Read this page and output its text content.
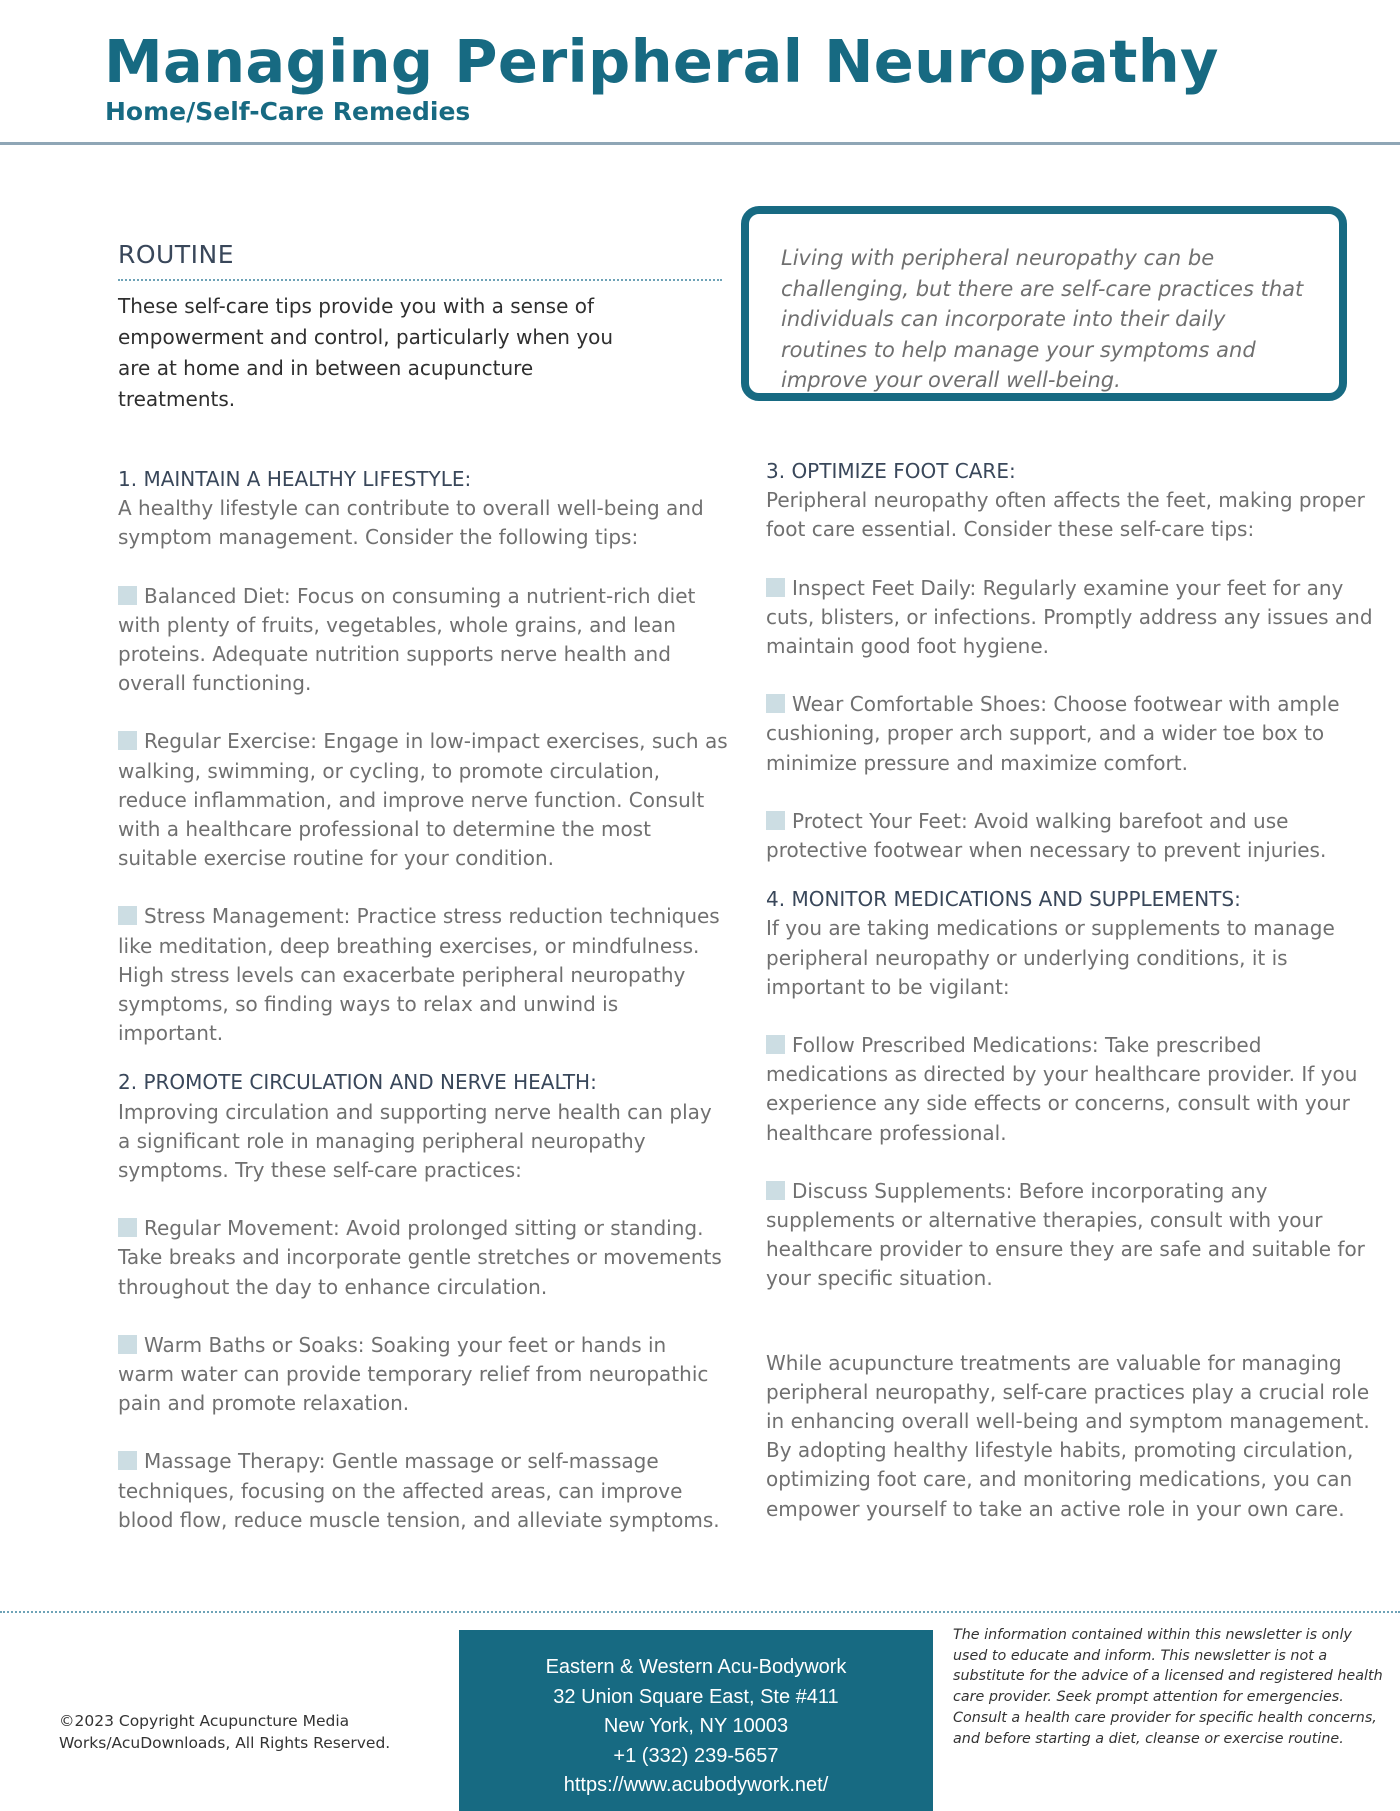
Managing Peripheral Neuropathy
Home/Self-Care Remedies
ROUTINE

These self-care tips provide you with a sense of empowerment and control, particularly when you are at home and in between acupuncture treatments.

Living with peripheral neuropathy can be challenging, but there are self-care practices that individuals can incorporate into their daily routines to help manage your symptoms and improve your overall well-being.

1. MAINTAIN A HEALTHY LIFESTYLE:
A healthy lifestyle can contribute to overall well-being and symptom management. Consider the following tips:
Balanced Diet: Focus on consuming a nutrient-rich diet with plenty of fruits, vegetables, whole grains, and lean proteins. Adequate nutrition supports nerve health and overall functioning.
Regular Exercise: Engage in low-impact exercises, such as walking, swimming, or cycling, to promote circulation, reduce inflammation, and improve nerve function. Consult with a healthcare professional to determine the most suitable exercise routine for your condition.
Stress Management: Practice stress reduction techniques like meditation, deep breathing exercises, or mindfulness. High stress levels can exacerbate peripheral neuropathy symptoms, so finding ways to relax and unwind is important.
2. PROMOTE CIRCULATION AND NERVE HEALTH:
Improving circulation and supporting nerve health can play a significant role in managing peripheral neuropathy symptoms. Try these self-care practices:
Regular Movement: Avoid prolonged sitting or standing. Take breaks and incorporate gentle stretches or movements throughout the day to enhance circulation.
Warm Baths or Soaks: Soaking your feet or hands in warm water can provide temporary relief from neuropathic pain and promote relaxation.
Massage Therapy: Gentle massage or self-massage techniques, focusing on the affected areas, can improve blood flow, reduce muscle tension, and alleviate symptoms.
3. OPTIMIZE FOOT CARE:
Peripheral neuropathy often affects the feet, making proper foot care essential. Consider these self-care tips:
Inspect Feet Daily: Regularly examine your feet for any cuts, blisters, or infections. Promptly address any issues and maintain good foot hygiene.
Wear Comfortable Shoes: Choose footwear with ample cushioning, proper arch support, and a wider toe box to minimize pressure and maximize comfort.
Protect Your Feet: Avoid walking barefoot and use protective footwear when necessary to prevent injuries.
4. MONITOR MEDICATIONS AND SUPPLEMENTS:
If you are taking medications or supplements to manage peripheral neuropathy or underlying conditions, it is important to be vigilant:
Follow Prescribed Medications: Take prescribed medications as directed by your healthcare provider. If you experience any side effects or concerns, consult with your healthcare professional.
Discuss Supplements: Before incorporating any supplements or alternative therapies, consult with your healthcare provider to ensure they are safe and suitable for your specific situation.

While acupuncture treatments are valuable for managing peripheral neuropathy, self-care practices play a crucial role in enhancing overall well-being and symptom management. By adopting healthy lifestyle habits, promoting circulation, optimizing foot care, and monitoring medications, you can empower yourself to take an active role in your own care.

©2023 Copyright Acupuncture Media Works/AcuDownloads, All Rights Reserved.
Eastern & Western Acu-Bodywork
32 Union Square East, Ste #411
New York, NY 10003
+1 (332) 239-5657
https://www.acubodywork.net/
The information contained within this newsletter is only used to educate and inform. This newsletter is not a substitute for the advice of a licensed and registered health care provider. Seek prompt attention for emergencies. Consult a health care provider for specific health concerns, and before starting a diet, cleanse or exercise routine.
